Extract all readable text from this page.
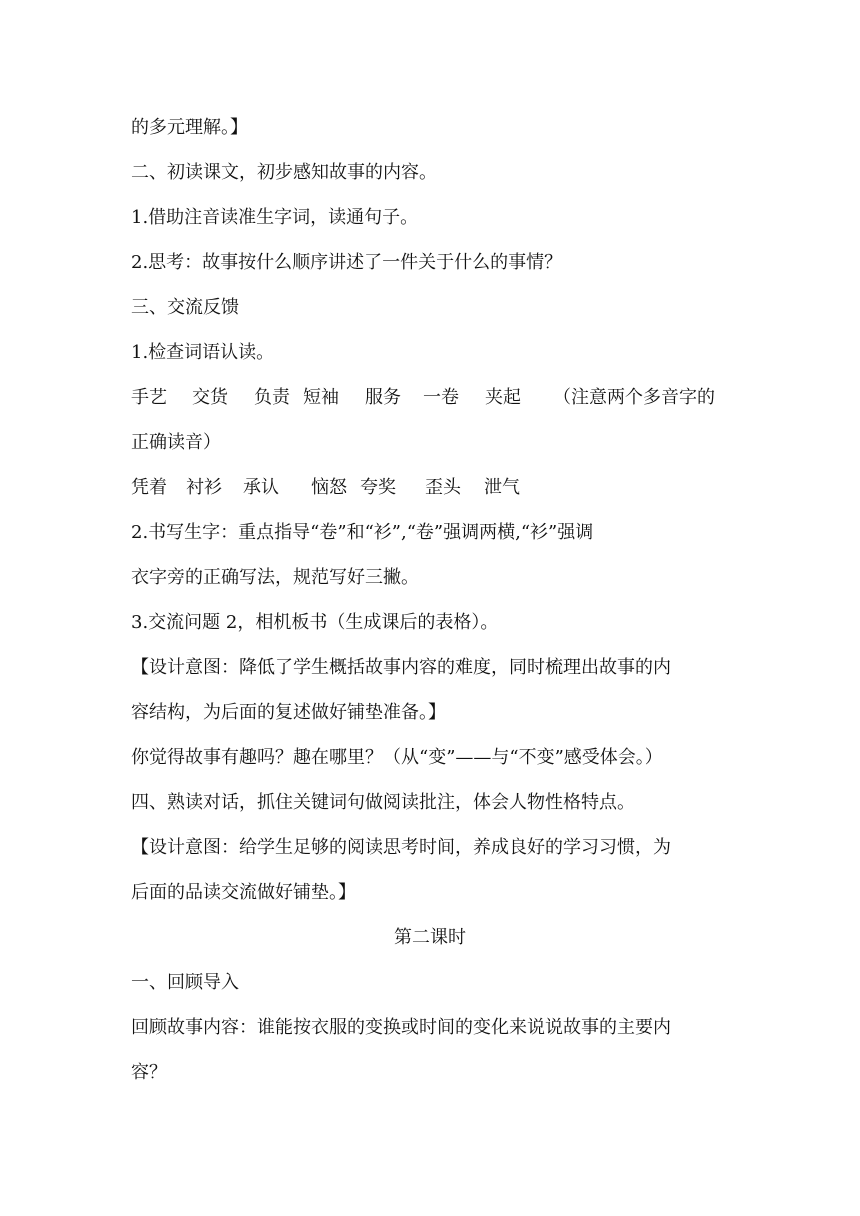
的多元理解。】
二、初读课文，初步感知故事的内容。
1.借助注音读准生字词，读通句子。
2.思考：故事按什么顺序讲述了一件关于什么的事情？
三、交流反馈
1.检查词语认读。
手艺 交货 负责 短袖 服务 一卷 夹起 （注意两个多音字的
正确读音）
凭着 衬衫 承认 恼怒 夸奖 歪头 泄气
2.书写生字：重点指导“卷”和“衫”,“卷”强调两横,“衫”强调
衣字旁的正确写法，规范写好三撇。
3.交流问题 2，相机板书（生成课后的表格）。
【设计意图：降低了学生概括故事内容的难度，同时梳理出故事的内
容结构，为后面的复述做好铺垫准备。】
你觉得故事有趣吗？趣在哪里？（从“变”——与“不变”感受体会。）
四、熟读对话，抓住关键词句做阅读批注，体会人物性格特点。
【设计意图：给学生足够的阅读思考时间，养成良好的学习习惯，为
后面的品读交流做好铺垫。】
第二课时
一、回顾导入
回顾故事内容：谁能按衣服的变换或时间的变化来说说故事的主要内
容？
